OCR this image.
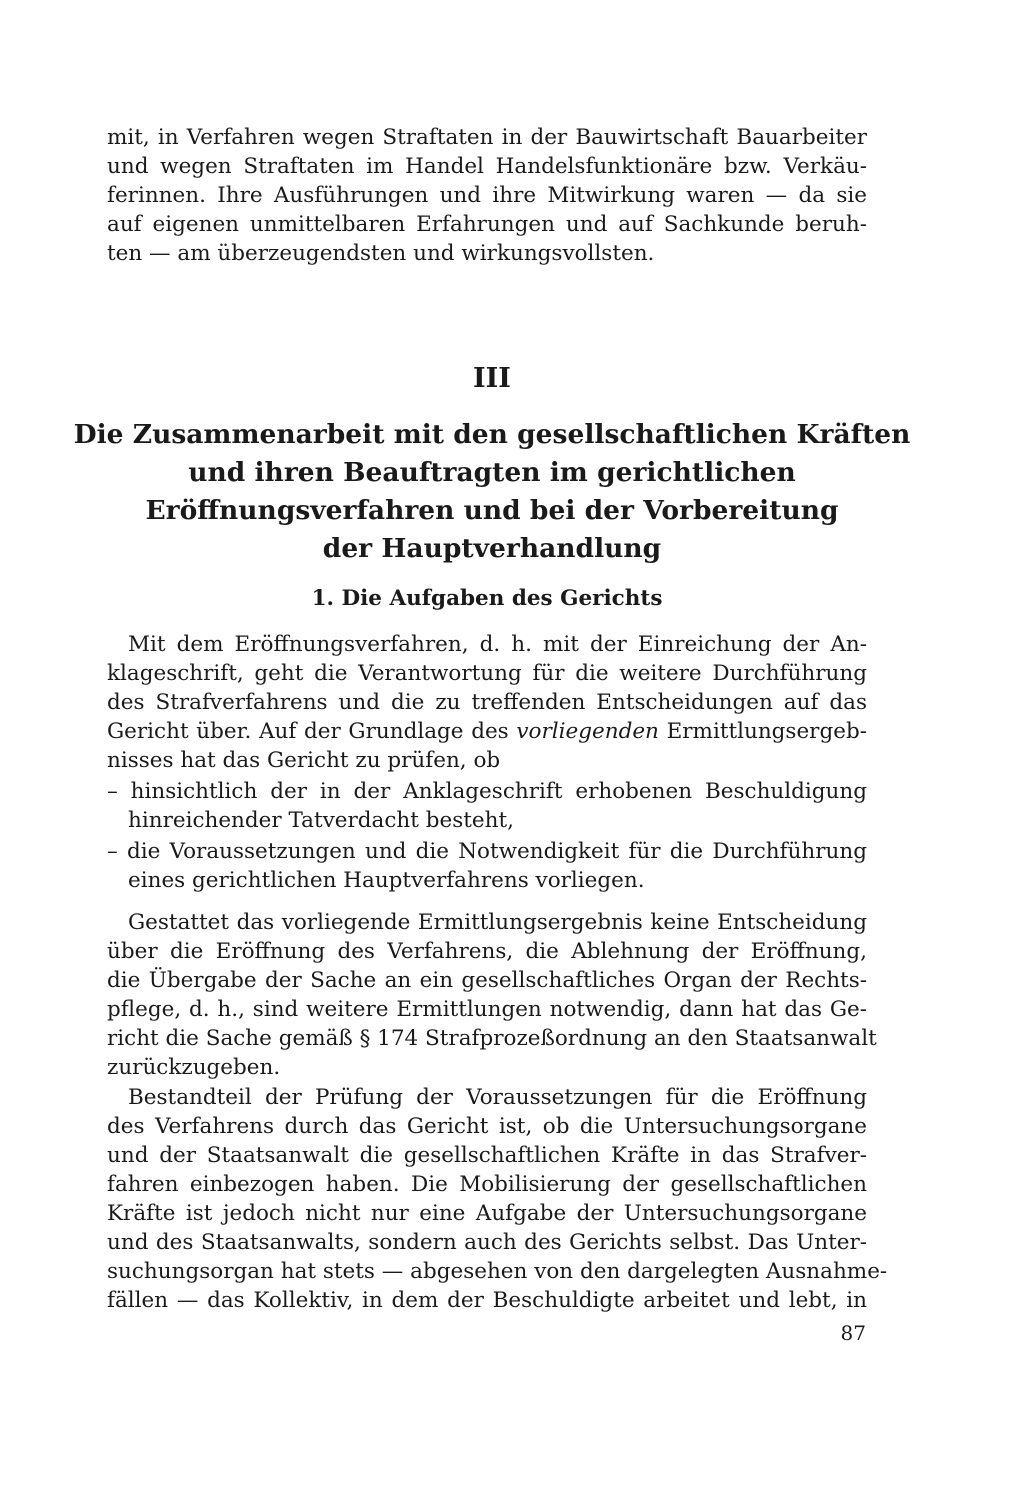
mit, in Verfahren wegen Straftaten in der Bauwirtschaft Bauarbeiter
und wegen Straftaten im Handel Handelsfunktionäre bzw. Verkäu-
ferinnen. Ihre Ausführungen und ihre Mitwirkung waren — da sie
auf eigenen unmittelbaren Erfahrungen und auf Sachkunde beruh-
ten — am überzeugendsten und wirkungsvollsten.
III
Die Zusammenarbeit mit den gesellschaftlichen Kräften
und ihren Beauftragten im gerichtlichen
Eröffnungsverfahren und bei der Vorbereitung
der Hauptverhandlung
1. Die Aufgaben des Gerichts
Mit dem Eröffnungsverfahren, d. h. mit der Einreichung der An-
klageschrift, geht die Verantwortung für die weitere Durchführung
des Strafverfahrens und die zu treffenden Entscheidungen auf das
Gericht über. Auf der Grundlage des vorliegenden Ermittlungsergeb-
nisses hat das Gericht zu prüfen, ob
– hinsichtlich der in der Anklageschrift erhobenen Beschuldigung
hinreichender Tatverdacht besteht,
– die Voraussetzungen und die Notwendigkeit für die Durchführung
eines gerichtlichen Hauptverfahrens vorliegen.
Gestattet das vorliegende Ermittlungsergebnis keine Entscheidung
über die Eröffnung des Verfahrens, die Ablehnung der Eröffnung,
die Übergabe der Sache an ein gesellschaftliches Organ der Rechts-
pflege, d. h., sind weitere Ermittlungen notwendig, dann hat das Ge-
richt die Sache gemäß § 174 Strafprozeßordnung an den Staatsanwalt
zurückzugeben.
Bestandteil der Prüfung der Voraussetzungen für die Eröffnung
des Verfahrens durch das Gericht ist, ob die Untersuchungsorgane
und der Staatsanwalt die gesellschaftlichen Kräfte in das Strafver-
fahren einbezogen haben. Die Mobilisierung der gesellschaftlichen
Kräfte ist jedoch nicht nur eine Aufgabe der Untersuchungsorgane
und des Staatsanwalts, sondern auch des Gerichts selbst. Das Unter-
suchungsorgan hat stets — abgesehen von den dargelegten Ausnahme-
fällen — das Kollektiv, in dem der Beschuldigte arbeitet und lebt, in
87
